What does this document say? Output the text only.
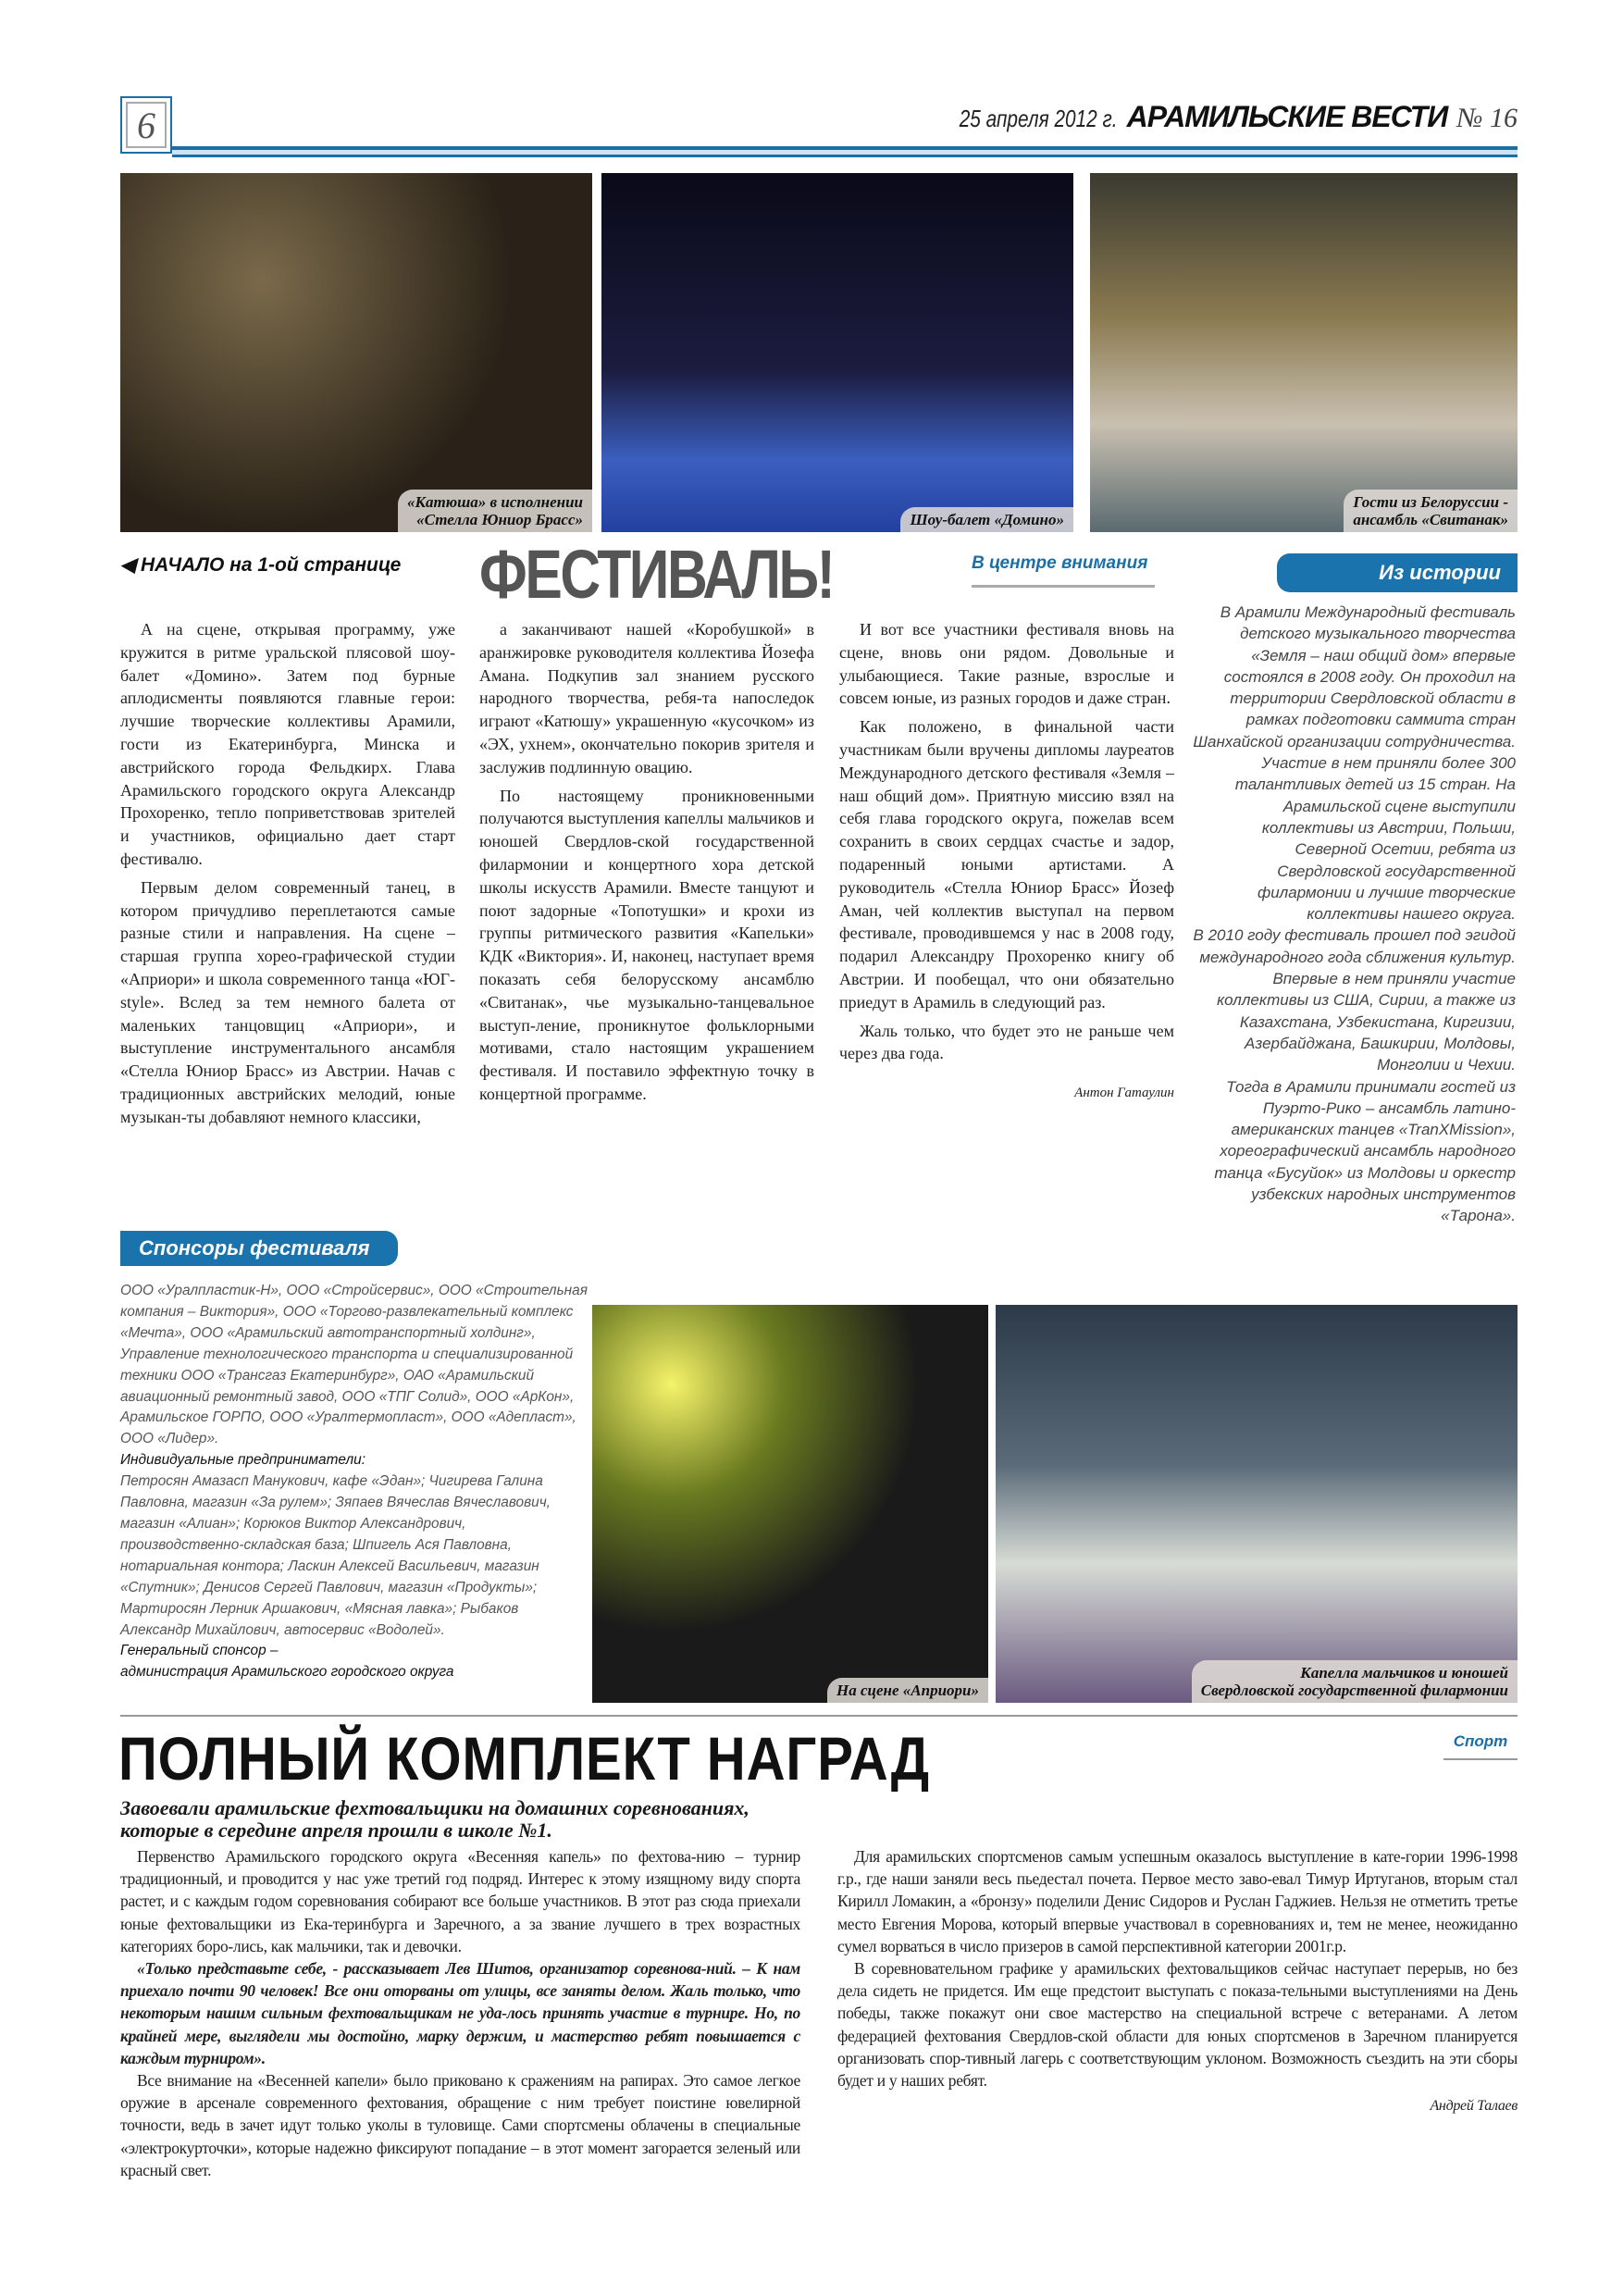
6	25 апреля 2012 г. АРАМИЛЬСКИЕ ВЕСТИ № 16
«Катюша» в исполнении
«Стелла Юниор Брасс»	Шоу-балет «Домино»
Гости из Белоруссии -
ансамбль «Свитанак»
◀ НАЧАЛО на 1-ой странице ФЕСТИВАЛЬ!	В центре внимания	Из истории

А на сцене, открывая программу, уже кружится в ритме уральской плясовой шоу-балет «Домино». Затем под бурные аплодисменты появляются главные герои: лучшие творческие коллективы Арамили, гости из Екатеринбурга, Минска и австрийского города Фельдкирх. Глава Арамильского городского округа Александр Прохоренко, тепло поприветствовав зрителей и участников, официально дает старт фестивалю.

Первым делом современный танец, в котором причудливо переплетаются самые разные стили и направления. На сцене – старшая группа хорео-графической студии «Априори» и школа современного танца «ЮГ-style». Вслед за тем немного балета от маленьких танцовщиц «Априори», и выступление инструментального ансамбля «Стелла Юниор Брасс» из Австрии. Начав с традиционных австрийских мелодий, юные музыкан-ты добавляют немного классики,

а заканчивают нашей «Коробушкой» в аранжировке руководителя коллектива Йозефа Амана. Подкупив зал знанием русского народного творчества, ребя-та напоследок играют «Катюшу» украшенную «кусочком» из «ЭХ, ухнем», окончательно покорив зрителя и заслужив подлинную овацию.

По настоящему проникновенными получаются выступления капеллы мальчиков и юношей Свердлов-ской государственной филармонии и концертного хора детской школы искусств Арамили. Вместе танцуют и поют задорные «Топотушки» и крохи из группы ритмического развития «Капельки» КДК «Виктория». И, наконец, наступает время показать себя белорусскому ансамблю «Свитанак», чье музыкально-танцевальное выступ-ление, проникнутое фольклорными мотивами, стало настоящим украшением фестиваля. И поставило эффектную точку в концертной программе.

И вот все участники фестиваля вновь на сцене, вновь они рядом. Довольные и улыбающиеся. Такие разные, взрослые и совсем юные, из разных городов и даже стран.

Как положено, в финальной части участникам были вручены дипломы лауреатов Международного детского фестиваля «Земля – наш общий дом». Приятную миссию взял на себя глава городского округа, пожелав всем сохранить в своих сердцах счастье и задор, подаренный юными артистами. А руководитель «Стелла Юниор Брасс» Йозеф Аман, чей коллектив выступал на первом фестивале, проводившемся у нас в 2008 году, подарил Александру Прохоренко книгу об Австрии. И пообещал, что они обязательно приедут в Арамиль в следующий раз.

Жаль только, что будет это не раньше чем через два года.

Антон Гатаулин
В Арамили Международный фестиваль детского музыкального творчества «Земля – наш общий дом» впервые состоялся в 2008 году. Он проходил на территории Свердловской области в рамках подготовки саммита стран Шанхайской организации сотрудничества. Участие в нем приняли более 300 талантливых детей из 15 стран. На Арамильской сцене выступили коллективы из Австрии, Польши, Северной Осетии, ребята из Свердловской государственной филармонии и лучшие творческие коллективы нашего округа.
В 2010 году фестиваль прошел под эгидой международного года сближения культур. Впервые в нем приняли участие коллективы из США, Сирии, а также из Казахстана, Узбекистана, Киргизии, Азербайджана, Башкирии, Молдовы, Монголии и Чехии.
Тогда в Арамили принимали гостей из Пуэрто-Рико – ансамбль латино-американских танцев «TranXMission», хореографический ансамбль народного танца «Бусуйок» из Молдовы и оркестр узбекских народных инструментов «Тарона».
Спонсоры фестиваля
ООО «Уралпластик-Н», ООО «Стройсервис», ООО «Строительная компания – Виктория», ООО «Торгово-развлекательный комплекс «Мечта», ООО «Арамильский автотранспортный холдинг», Управление технологического транспорта и специализированной техники ООО «Трансгаз Екатеринбург», ОАО «Арамильский авиационный ремонтный завод, ООО «ТПГ Солид», ООО «АрКон», Арамильское ГОРПО, ООО «Уралтермопласт», ООО «Адепласт», ООО «Лидер».
Индивидуальные предприниматели:
Петросян Амазасп Манукович, кафе «Эдан»; Чигирева Галина Павловна, магазин «За рулем»; Зяпаев Вячеслав Вячеславович, магазин «Алиан»; Корюков Виктор Александрович, производственно-складская база; Шпигель Ася Павловна, нотариальная контора; Ласкин Алексей Васильевич, магазин «Спутник»; Денисов Сергей Павлович, магазин «Продукты»; Мартиросян Лерник Аршакович, «Мясная лавка»; Рыбаков Александр Михайлович, автосервис «Водолей».
Генеральный спонсор –
администрация Арамильского городского округа
На сцене «Априори»
Капелла мальчиков и юношей
Свердловской государственной филармонии
ПОЛНЫЙ КОМПЛЕКТ НАГРАД	Спорт
Завоевали арамильские фехтовальщики на домашних соревнованиях, которые в середине апреля прошли в школе №1.

Первенство Арамильского городского округа «Весенняя капель» по фехтова-нию – турнир традиционный, и проводится у нас уже третий год подряд. Интерес к этому изящному виду спорта растет, и с каждым годом соревнования собирают все больше участников. В этот раз сюда приехали юные фехтовальщики из Ека-теринбурга и Заречного, а за звание лучшего в трех возрастных категориях боро-лись, как мальчики, так и девочки.

«Только представьте себе, - рассказывает Лев Шитов, организатор соревнова-ний. – К нам приехало почти 90 человек! Все они оторваны от улицы, все заняты делом. Жаль только, что некоторым нашим сильным фехтовальщикам не уда-лось принять участие в турнире. Но, по крайней мере, выглядели мы достойно, марку держим, и мастерство ребят повышается с каждым турниром».

Все внимание на «Весенней капели» было приковано к сражениям на рапирах. Это самое легкое оружие в арсенале современного фехтования, обращение с ним требует поистине ювелирной точности, ведь в зачет идут только уколы в туловище. Сами спортсмены облачены в специальные «электрокурточки», которые надежно фиксируют попадание – в этот момент загорается зеленый или красный свет.

Для арамильских спортсменов самым успешным оказалось выступление в кате-гории 1996-1998 г.р., где наши заняли весь пьедестал почета. Первое место заво-евал Тимур Иртуганов, вторым стал Кирилл Ломакин, а «бронзу» поделили Денис Сидоров и Руслан Гаджиев. Нельзя не отметить третье место Евгения Морова, который впервые участвовал в соревнованиях и, тем не менее, неожиданно сумел ворваться в число призеров в самой перспективной категории 2001г.р.

В соревновательном графике у арамильских фехтовальщиков сейчас наступает перерыв, но без дела сидеть не придется. Им еще предстоит выступать с показа-тельными выступлениями на День победы, также покажут они свое мастерство на специальной встрече с ветеранами. А летом федерацией фехтования Свердлов-ской области для юных спортсменов в Заречном планируется организовать спор-тивный лагерь с соответствующим уклоном. Возможность съездить на эти сборы будет и у наших ребят.

Андрей Талаев
